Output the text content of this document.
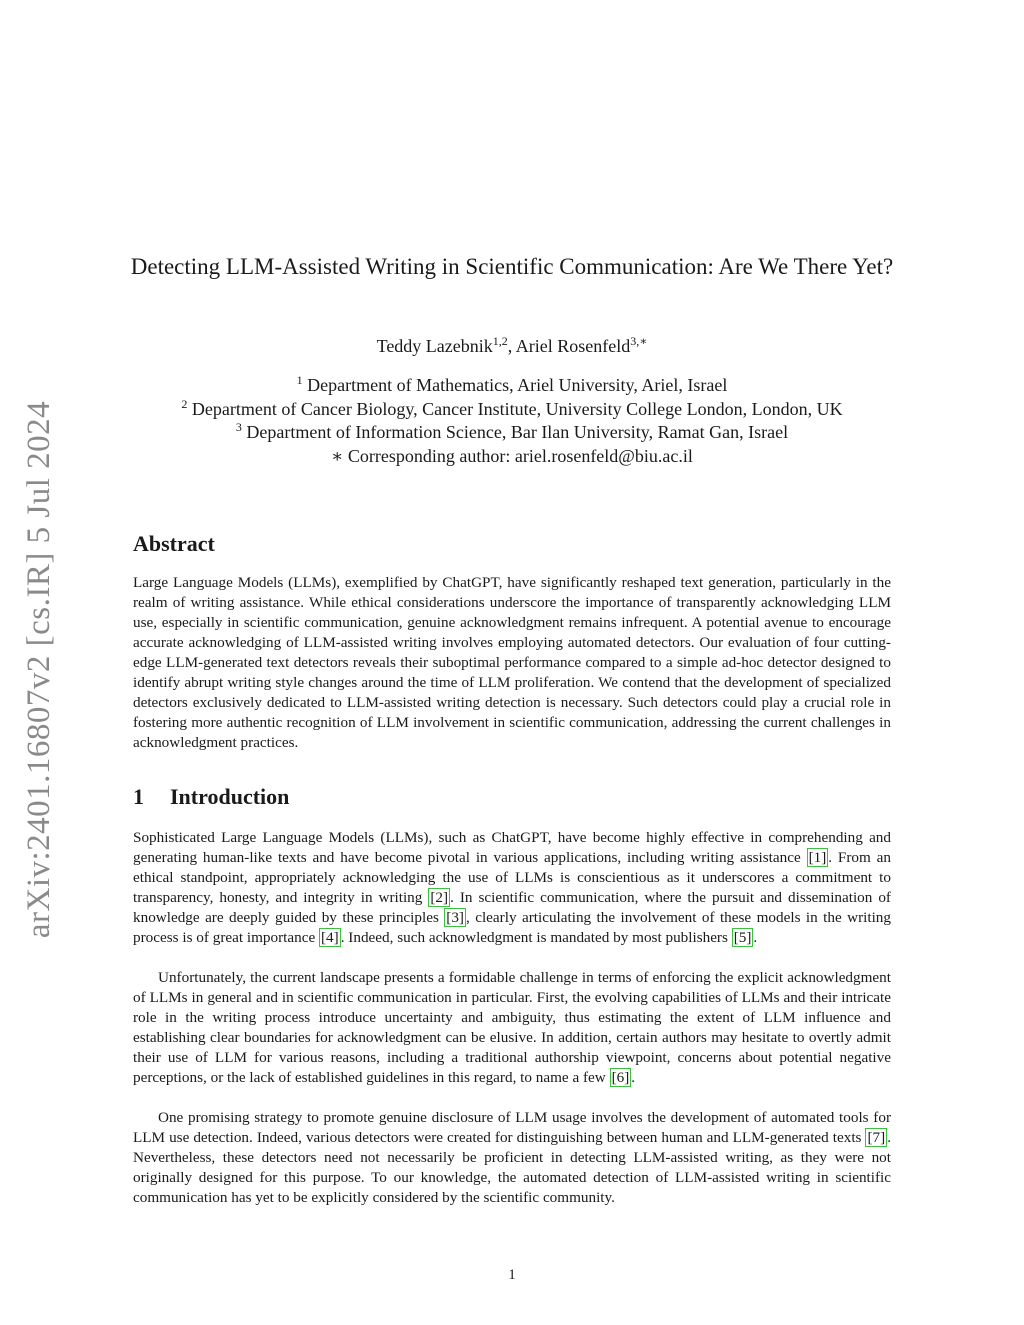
arXiv:2401.16807v2 [cs.IR] 5 Jul 2024
Detecting LLM-Assisted Writing in Scientific Communication: Are We There Yet?
Teddy Lazebnik$^{1,2}$, Ariel Rosenfeld$^{3,∗}$
$^1$ Department of Mathematics, Ariel University, Ariel, Israel
$^2$ Department of Cancer Biology, Cancer Institute, University College London, London, UK
$^3$ Department of Information Science, Bar Ilan University, Ramat Gan, Israel
∗ Corresponding author: ariel.rosenfeld@biu.ac.il
Abstract

Large Language Models (LLMs), exemplified by ChatGPT, have significantly reshaped text generation, particularly in the realm of writing assistance. While ethical considerations underscore the importance of transparently acknowledging LLM use, especially in scientific communication, genuine acknowledgment remains infrequent. A potential avenue to encourage accurate acknowledging of LLM-assisted writing involves employing automated detectors. Our evaluation of four cutting-edge LLM-generated text detectors reveals their suboptimal performance compared to a simple ad-hoc detector designed to identify abrupt writing style changes around the time of LLM proliferation. We contend that the development of specialized detectors exclusively dedicated to LLM-assisted writing detection is necessary. Such detectors could play a crucial role in fostering more authentic recognition of LLM involvement in scientific communication, addressing the current challenges in acknowledgment practices.

1 Introduction

Sophisticated Large Language Models (LLMs), such as ChatGPT, have become highly effective in comprehending and generating human-like texts and have become pivotal in various applications, including writing assistance [1] . From an ethical standpoint, appropriately acknowledging the use of LLMs is conscientious as it underscores a commitment to transparency, honesty, and integrity in writing [2] . In scientific communication, where the pursuit and dissemination of knowledge are deeply guided by these principles [3] , clearly articulating the involvement of these models in the writing process is of great importance [4] . Indeed, such acknowledgment is mandated by most publishers [5] .

Unfortunately, the current landscape presents a formidable challenge in terms of enforcing the explicit acknowledgment of LLMs in general and in scientific communication in particular. First, the evolving capabilities of LLMs and their intricate role in the writing process introduce uncertainty and ambiguity, thus estimating the extent of LLM influence and establishing clear boundaries for acknowledgment can be elusive. In addition, certain authors may hesitate to overtly admit their use of LLM for various reasons, including a traditional authorship viewpoint, concerns about potential negative perceptions, or the lack of established guidelines in this regard, to name a few [6] .

One promising strategy to promote genuine disclosure of LLM usage involves the development of automated tools for LLM use detection. Indeed, various detectors were created for distinguishing between human and LLM-generated texts [7] . Nevertheless, these detectors need not necessarily be proficient in detecting LLM-assisted writing, as they were not originally designed for this purpose. To our knowledge, the automated detection of LLM-assisted writing in scientific communication has yet to be explicitly considered by the scientific community.

1
